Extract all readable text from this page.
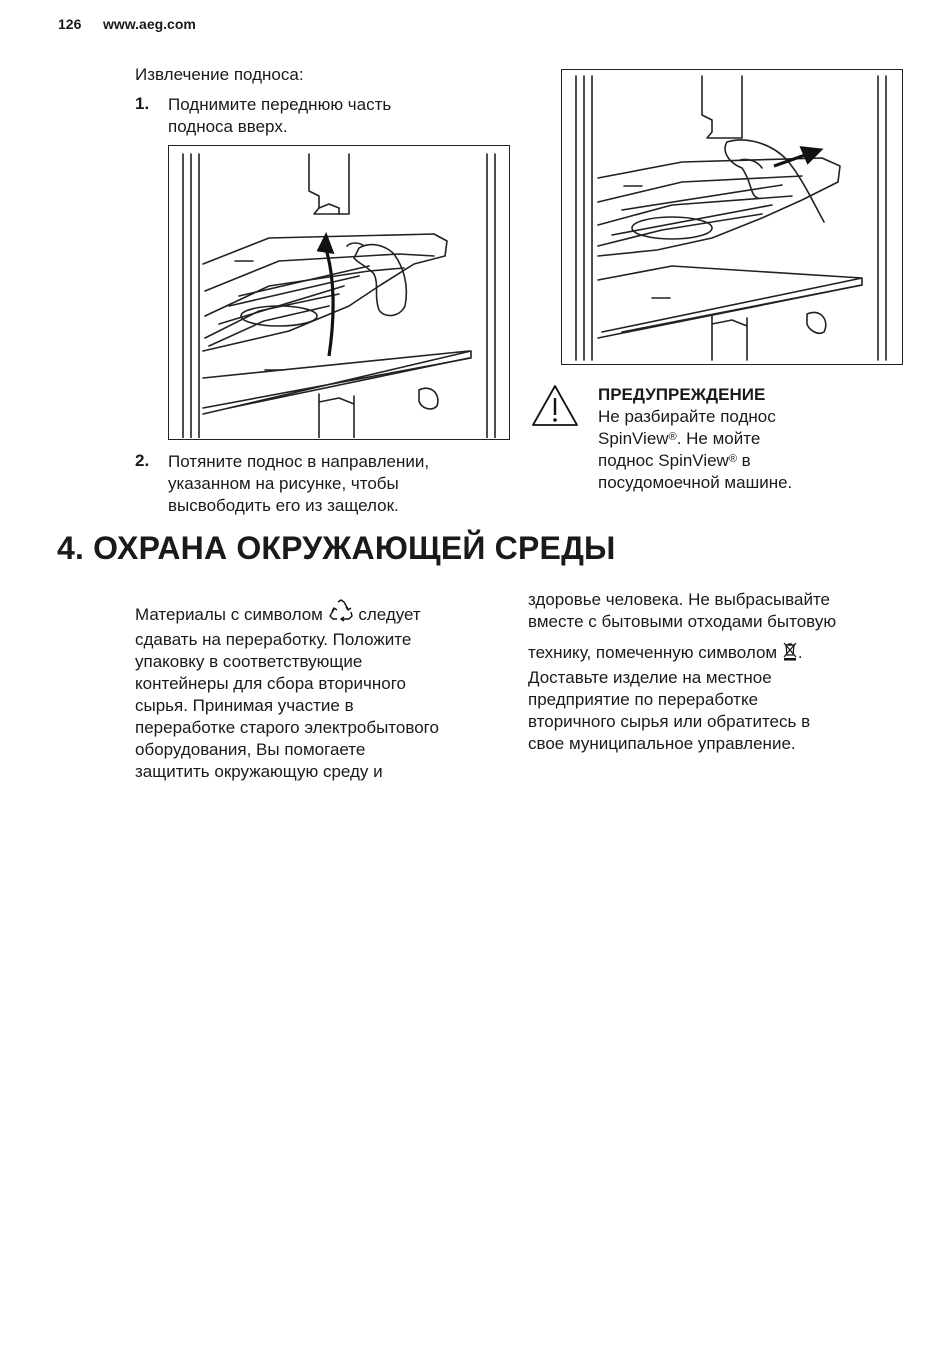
126 www.aeg.com
Извлечение подноса:
1. Поднимите переднюю часть
подноса вверх.
2. Потяните поднос в направлении,
указанном на рисунке, чтобы
высвободить его из защелок.
ПРЕДУПРЕЖДЕНИЕ
Не разбирайте поднос
SpinView®. Не мойте
поднос SpinView® в
посудомоечной машине.
4. ОХРАНА ОКРУЖАЮЩЕЙ СРЕДЫ
Материалы с символом следует
сдавать на переработку. Положите
упаковку в соответствующие
контейнеры для сбора вторичного
сырья. Принимая участие в
переработке старого электробытового
оборудования, Вы помогаете
защитить окружающую среду и
здоровье человека. Не выбрасывайте
вместе с бытовыми отходами бытовую
технику, помеченную символом .
Доставьте изделие на местное
предприятие по переработке
вторичного сырья или обратитесь в
свое муниципальное управление.
